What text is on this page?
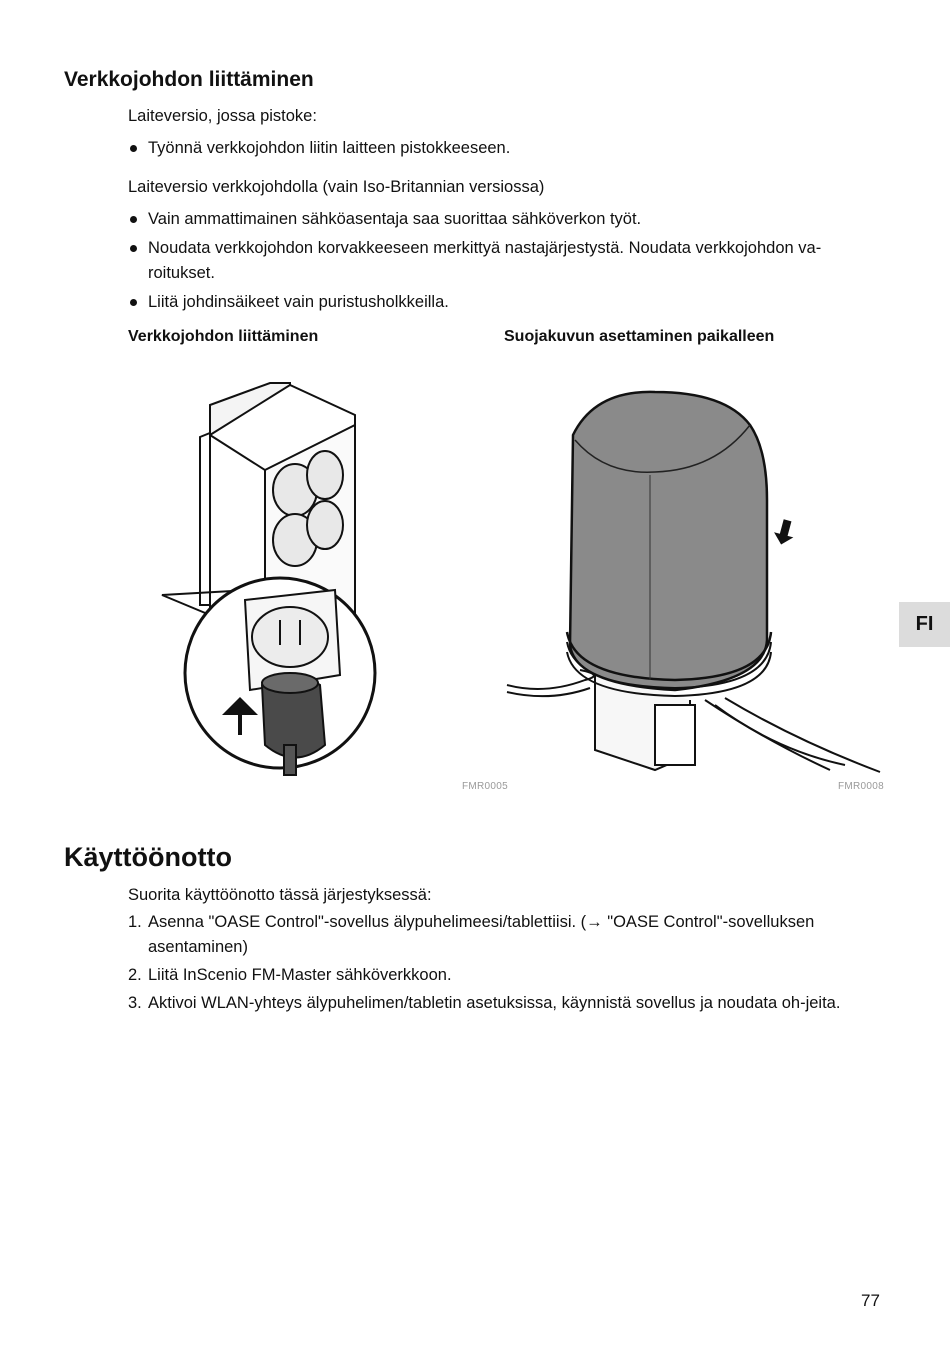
Verkkojohdon liittäminen

Laiteversio, jossa pistoke:

Työnnä verkkojohdon liitin laitteen pistokkeeseen.

Laiteversio verkkojohdolla (vain Iso-Britannian versiossa)

Vain ammattimainen sähköasentaja saa suorittaa sähköverkon työt.
Noudata verkkojohdon korvakkeeseen merkittyä nastajärjestystä. Noudata verkkojohdon va-roitukset.
Liitä johdinsäikeet vain puristusholkkeilla.
Verkkojohdon liittäminen	Suojakuvun asettaminen paikalleen
FMR0005	FMR0008
Käyttöönotto

Suorita käyttöönotto tässä järjestyksessä:

1. Asenna "OASE Control"-sovellus älypuhelimeesi/tablettiisi. (→ "OASE Control"-sovelluksen asentaminen)
2. Liitä InScenio FM-Master sähköverkkoon.
3. Aktivoi WLAN-yhteys älypuhelimen/tabletin asetuksissa, käynnistä sovellus ja noudata oh-jeita.
FI
77
